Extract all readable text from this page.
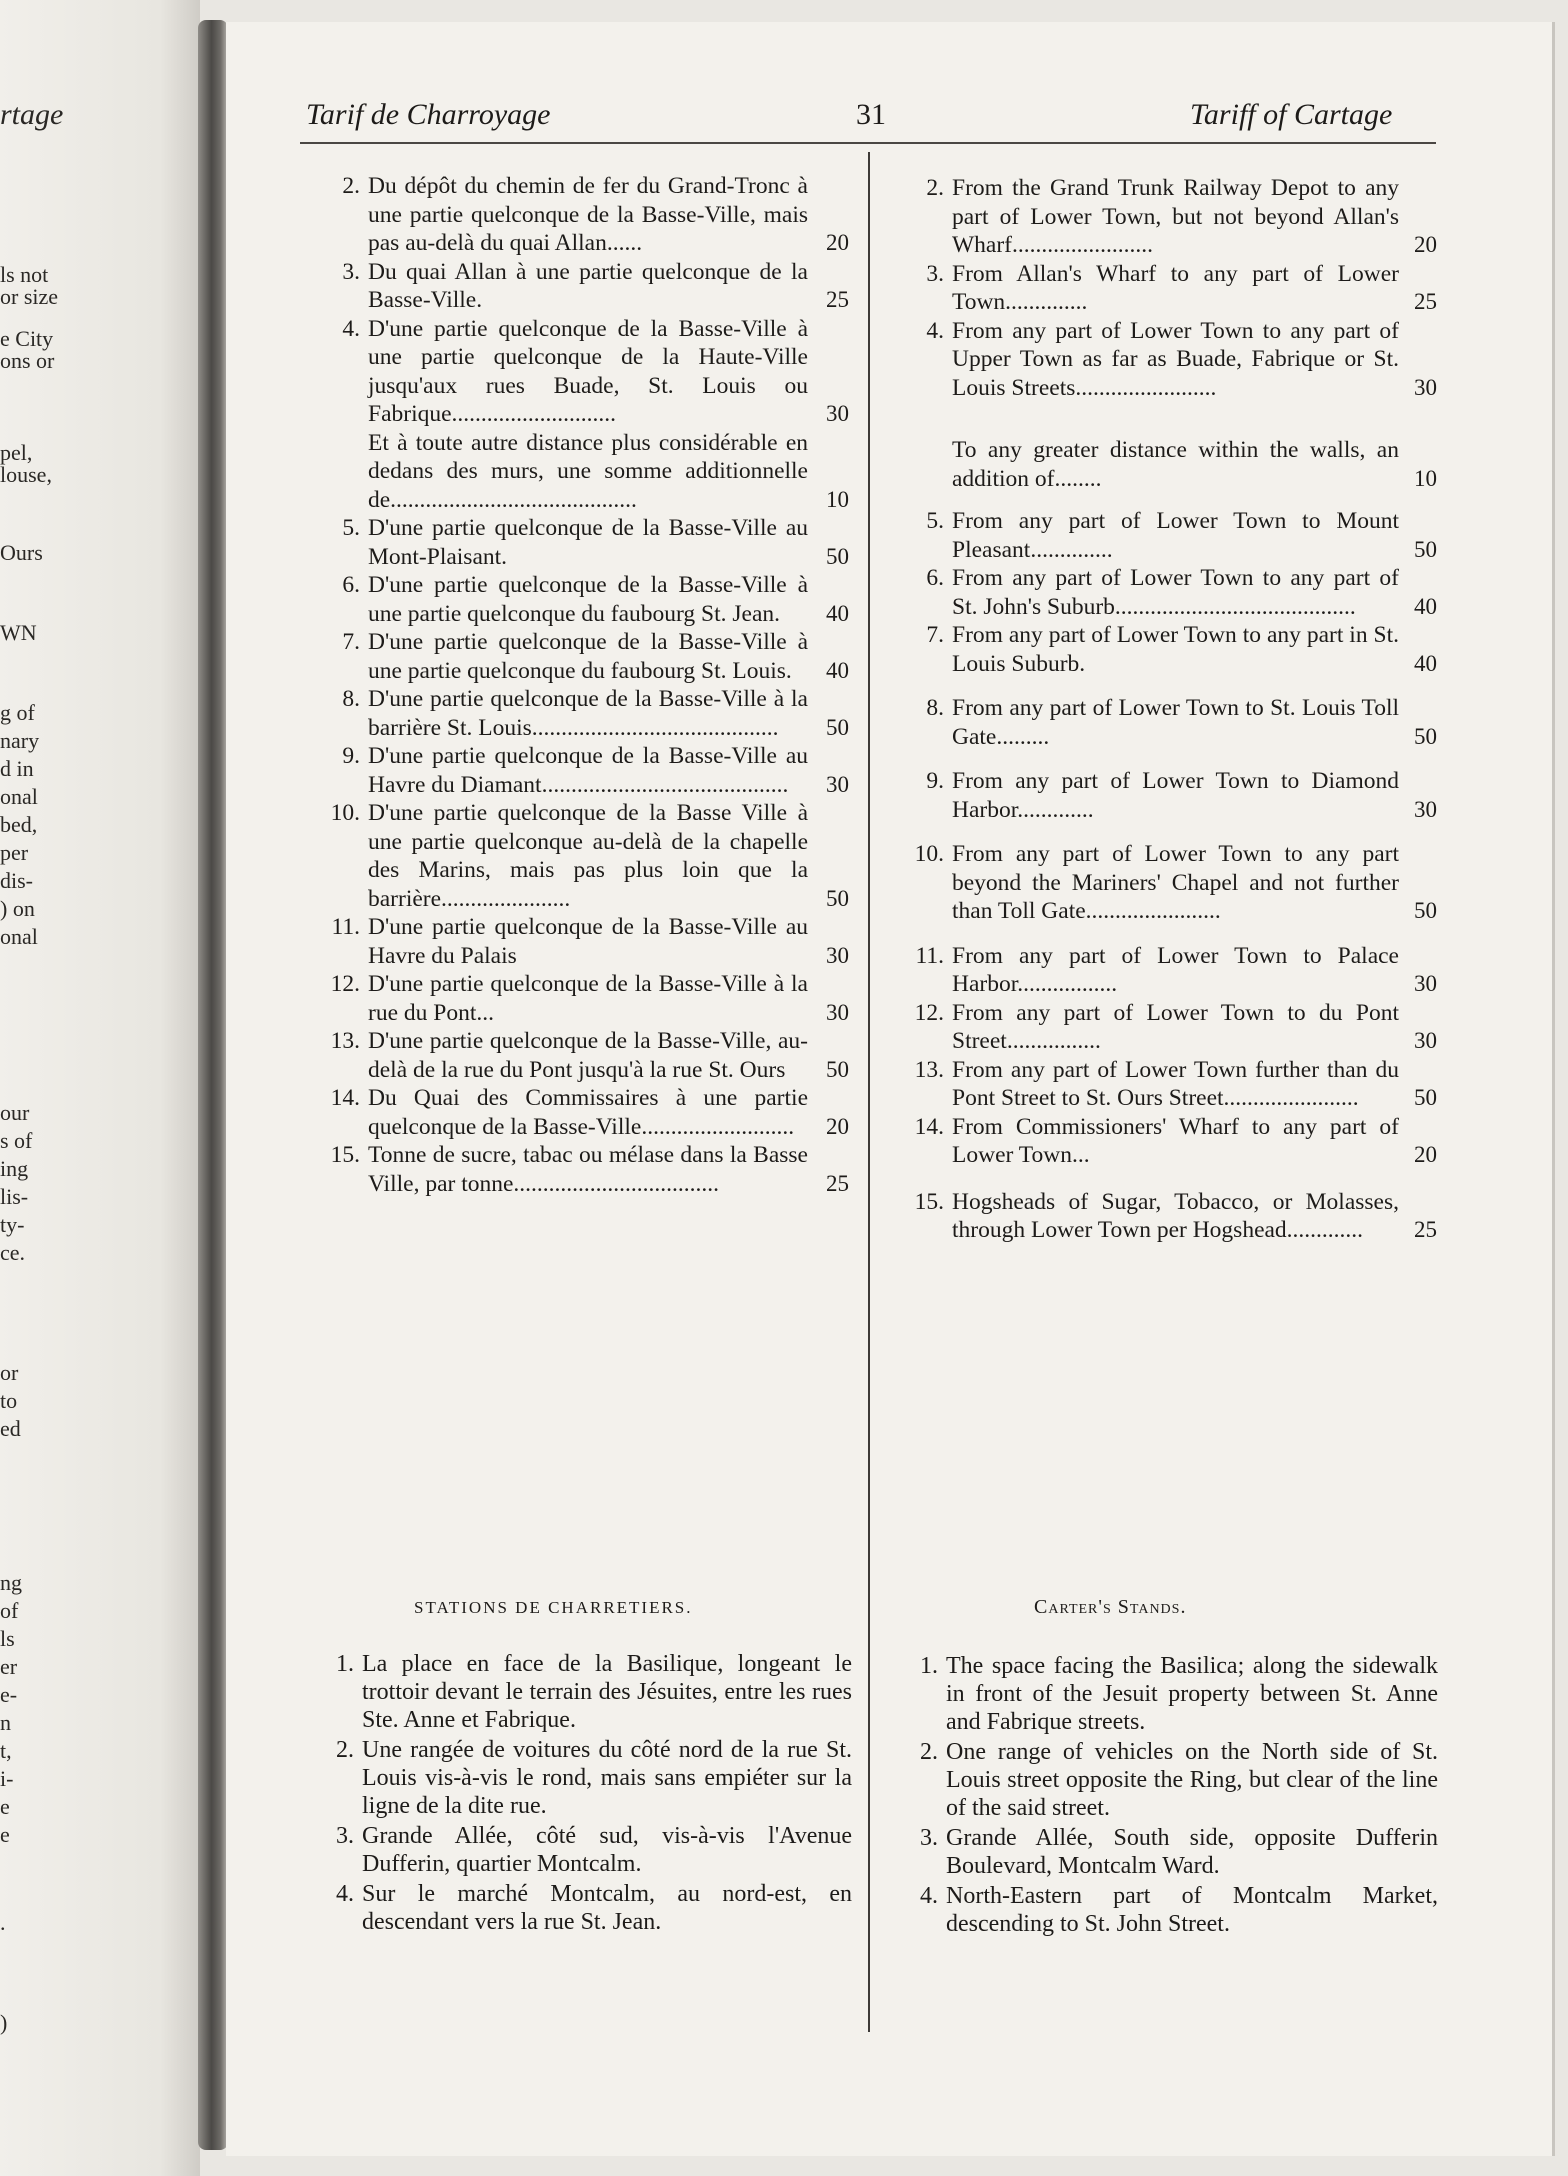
rtage
ls not
or size
e City
ons or
pel,
louse,
Ours
WN
g of
nary
d in
onal
bed,
per
dis-
) on
onal
our
s of
ing
lis-
ty-
ce.
or
to
ed
ng
of
ls
er
e-
n
t,
i-
e
e
.
)
Tarif de Charroyage	31	Tariff of Cartage
2. Du dépôt du chemin de fer du Grand-Tronc à une partie quelconque de la Basse-Ville, mais pas au-delà du quai Allan......	20
3. Du quai Allan à une partie quelconque de la Basse-Ville.	25
4. D'une partie quelconque de la Basse-Ville à une partie quelconque de la Haute-Ville jusqu'aux rues Buade, St. Louis ou Fabrique............................	30
Et à toute autre distance plus considérable en dedans des murs, une somme additionnelle de..........................................	10
5. D'une partie quelconque de la Basse-Ville au Mont-Plaisant.	50
6. D'une partie quelconque de la Basse-Ville à une partie quelconque du faubourg St. Jean.	40
7. D'une partie quelconque de la Basse-Ville à une partie quelconque du faubourg St. Louis.	40
8. D'une partie quelconque de la Basse-Ville à la barrière St. Louis..........................................	50
9. D'une partie quelconque de la Basse-Ville au Havre du Diamant..........................................	30
10. D'une partie quelconque de la Basse Ville à une partie quelconque au-delà de la chapelle des Marins, mais pas plus loin que la barrière......................	50
11. D'une partie quelconque de la Basse-Ville au Havre du Palais	30
12. D'une partie quelconque de la Basse-Ville à la rue du Pont...	30
13. D'une partie quelconque de la Basse-Ville, au-delà de la rue du Pont jusqu'à la rue St. Ours	50
14. Du Quai des Commissaires à une partie quelconque de la Basse-Ville..........................	20
15. Tonne de sucre, tabac ou mélase dans la Basse Ville, par tonne...................................	25
2. From the Grand Trunk Railway Depot to any part of Lower Town, but not beyond Allan's Wharf........................	20
3. From Allan's Wharf to any part of Lower Town..............	25
4. From any part of Lower Town to any part of Upper Town as far as Buade, Fabrique or St. Louis Streets........................	30
To any greater distance within the walls, an addition of........	10
5. From any part of Lower Town to Mount Pleasant..............	50
6. From any part of Lower Town to any part of St. John's Suburb.........................................	40
7. From any part of Lower Town to any part in St. Louis Suburb.	40
8. From any part of Lower Town to St. Louis Toll Gate.........	50
9. From any part of Lower Town to Diamond Harbor.............	30
10. From any part of Lower Town to any part beyond the Mariners' Chapel and not further than Toll Gate.......................	50
11. From any part of Lower Town to Palace Harbor.................	30
12. From any part of Lower Town to du Pont Street................	30
13. From any part of Lower Town further than du Pont Street to St. Ours Street.......................	50
14. From Commissioners' Wharf to any part of Lower Town...	20
15. Hogsheads of Sugar, Tobacco, or Molasses, through Lower Town per Hogshead.............	25
STATIONS DE CHARRETIERS.	Carter's Stands.
1. La place en face de la Basilique, longeant le trottoir devant le terrain des Jésuites, entre les rues Ste. Anne et Fabrique.
2. Une rangée de voitures du côté nord de la rue St. Louis vis-à-vis le rond, mais sans empiéter sur la ligne de la dite rue.
3. Grande Allée, côté sud, vis-à-vis l'Avenue Dufferin, quartier Montcalm.
4. Sur le marché Montcalm, au nord-est, en descendant vers la rue St. Jean.
1. The space facing the Basilica; along the sidewalk in front of the Jesuit property between St. Anne and Fabrique streets.
2. One range of vehicles on the North side of St. Louis street opposite the Ring, but clear of the line of the said street.
3. Grande Allée, South side, opposite Dufferin Boulevard, Montcalm Ward.
4. North-Eastern part of Montcalm Market, descending to St. John Street.
